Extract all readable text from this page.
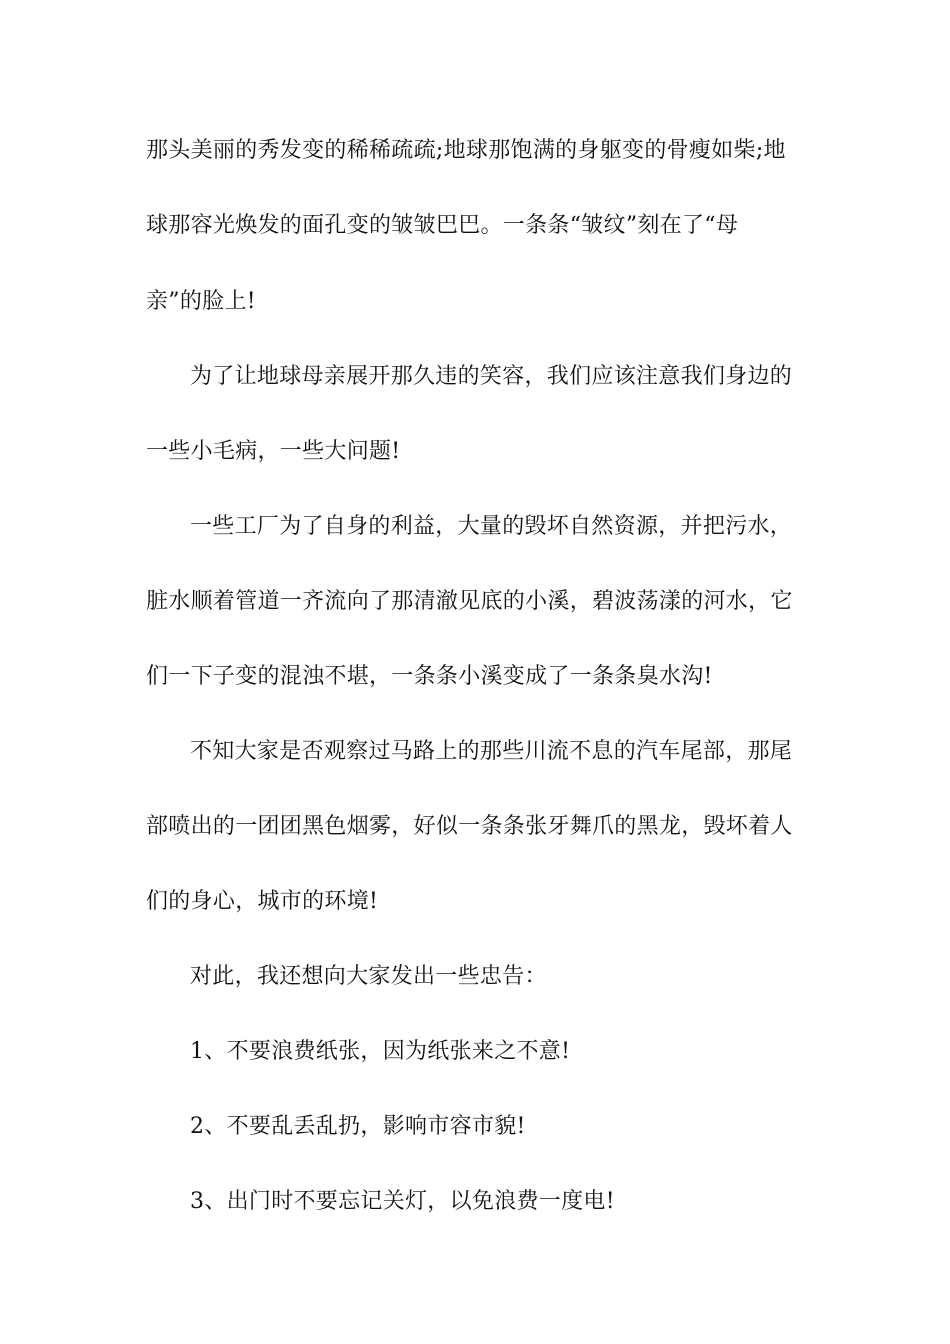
那头美丽的秀发变的稀稀疏疏;地球那饱满的身躯变的骨瘦如柴;地
球那容光焕发的面孔变的皱皱巴巴。一条条“皱纹”刻在了“母
亲”的脸上!
为了让地球母亲展开那久违的笑容，我们应该注意我们身边的
一些小毛病，一些大问题!
一些工厂为了自身的利益，大量的毁坏自然资源，并把污水，
脏水顺着管道一齐流向了那清澈见底的小溪，碧波荡漾的河水，它
们一下子变的混浊不堪，一条条小溪变成了一条条臭水沟!
不知大家是否观察过马路上的那些川流不息的汽车尾部，那尾
部喷出的一团团黑色烟雾，好似一条条张牙舞爪的黑龙，毁坏着人
们的身心，城市的环境!
对此，我还想向大家发出一些忠告：
1、不要浪费纸张，因为纸张来之不意!
2、不要乱丢乱扔，影响市容市貌!
3、出门时不要忘记关灯，以免浪费一度电!
